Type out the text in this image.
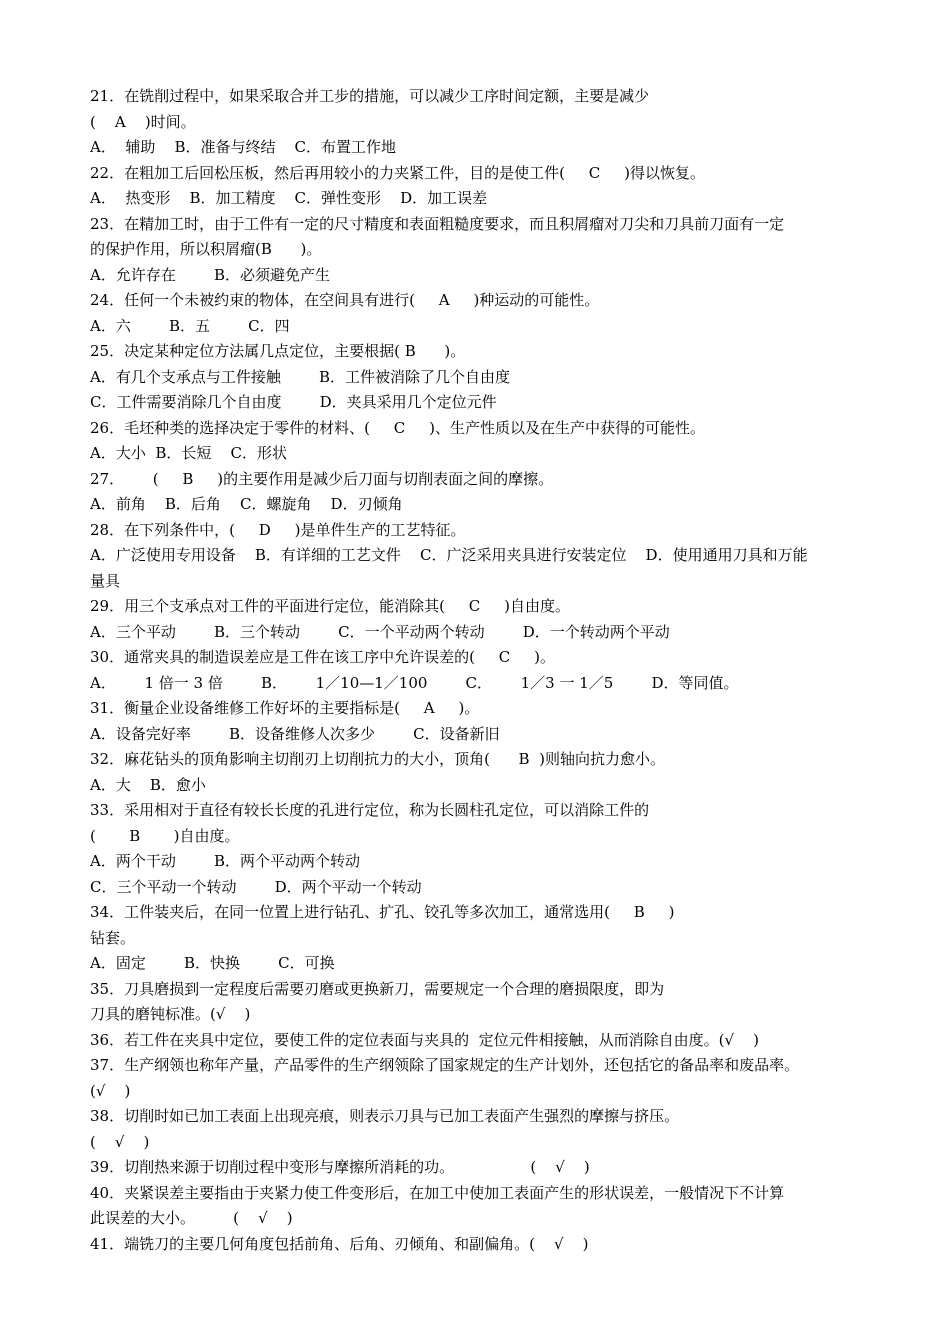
21．在铣削过程中，如果采取合并工步的措施，可以减少工序时间定额，主要是减少
(    A    )时间。
A．  辅助    B．准备与终结    C．布置工作地
22．在粗加工后回松压板，然后再用较小的力夹紧工件，目的是使工件(     C     )得以恢复。
A．  热变形    B．加工精度    C．弹性变形    D．加工误差
23．在精加工时，由于工件有一定的尺寸精度和表面粗糙度要求，而且积屑瘤对刀尖和刀具前刀面有一定
的保护作用，所以积屑瘤(B      )。
A．允许存在        B．必须避免产生
24．任何一个未被约束的物体，在空间具有进行(     A     )种运动的可能性。
A．六        B．五        C．四
25．决定某种定位方法属几点定位，主要根据( B      )。
A．有几个支承点与工件接触        B．工件被消除了几个自由度
C．工件需要消除几个自由度        D．夹具采用几个定位元件
26．毛坯种类的选择决定于零件的材料、(     C     )、生产性质以及在生产中获得的可能性。
A．大小  B．长短    C．形状
27．      (     B     )的主要作用是减少后刀面与切削表面之间的摩擦。
A．前角    B．后角    C．螺旋角    D．刃倾角
28．在下列条件中，(     D     )是单件生产的工艺特征。
A．广泛使用专用设备    B．有详细的工艺文件    C．广泛采用夹具进行安装定位    D．使用通用刀具和万能
量具
29．用三个支承点对工件的平面进行定位，能消除其(     C     )自由度。
A．三个平动        B．三个转动        C．一个平动两个转动        D．一个转动两个平动
30．通常夹具的制造误差应是工件在该工序中允许误差的(     C     )。
A．      1 倍一 3 倍        B．      1／10—1／100        C．      1／3 一 1／5        D．等同值。
31．衡量企业设备维修工作好坏的主要指标是(     A     )。
A．设备完好率        B．设备维修人次多少        C．设备新旧
32．麻花钻头的顶角影响主切削刃上切削抗力的大小，顶角(      B  )则轴向抗力愈小。
A．大    B．愈小
33．采用相对于直径有较长长度的孔进行定位，称为长圆柱孔定位，可以消除工件的
(       B       )自由度。
A．两个干动        B．两个平动两个转动
C．三个平动一个转动        D．两个平动一个转动
34．工件装夹后，在同一位置上进行钻孔、扩孔、铰孔等多次加工，通常选用(     B     )
钻套。
A．固定        B．快换        C．可换
35．刀具磨损到一定程度后需要刃磨或更换新刀，需要规定一个合理的磨损限度，即为
刀具的磨钝标准。(√    )
36．若工件在夹具中定位，要使工件的定位表面与夹具的  定位元件相接触，从而消除自由度。(√    )
37．生产纲领也称年产量，产品零件的生产纲领除了国家规定的生产计划外，还包括它的备品率和废品率。
(√    )
38．切削时如已加工表面上出现亮痕，则表示刀具与已加工表面产生强烈的摩擦与挤压。
(    √    )
39．切削热来源于切削过程中变形与摩擦所消耗的功。                (    √    )
40．夹紧误差主要指由于夹紧力使工件变形后，在加工中使加工表面产生的形状误差，一般情况下不计算
此误差的大小。        (    √    )
41．端铣刀的主要几何角度包括前角、后角、刃倾角、和副偏角。(    √    )
